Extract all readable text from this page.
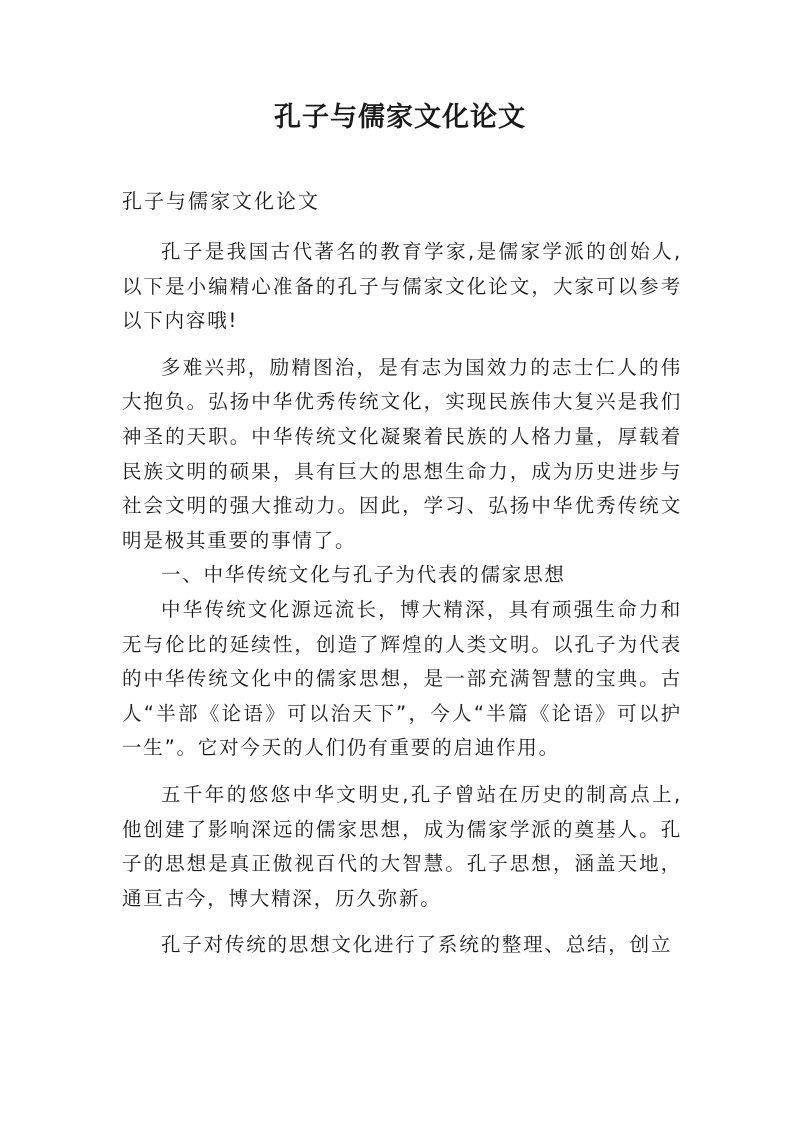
孔子与儒家文化论文
孔子与儒家文化论文

孔子是我国古代著名的教育学家,是儒家学派的创始人,以下是小编精心准备的孔子与儒家文化论文，大家可以参考以下内容哦!

多难兴邦，励精图治，是有志为国效力的志士仁人的伟大抱负。弘扬中华优秀传统文化，实现民族伟大复兴是我们神圣的天职。中华传统文化凝聚着民族的人格力量，厚载着民族文明的硕果，具有巨大的思想生命力，成为历史进步与社会文明的强大推动力。因此，学习、弘扬中华优秀传统文明是极其重要的事情了。

一、中华传统文化与孔子为代表的儒家思想

中华传统文化源远流长，博大精深，具有顽强生命力和无与伦比的延续性，创造了辉煌的人类文明。以孔子为代表的中华传统文化中的儒家思想，是一部充满智慧的宝典。古人“半部《论语》可以治天下”，今人“半篇《论语》可以护一生”。它对今天的人们仍有重要的启迪作用。

五千年的悠悠中华文明史,孔子曾站在历史的制高点上,他创建了影响深远的儒家思想，成为儒家学派的奠基人。孔子的思想是真正傲视百代的大智慧。孔子思想，涵盖天地，通亘古今，博大精深，历久弥新。

孔子对传统的思想文化进行了系统的整理、总结，创立
